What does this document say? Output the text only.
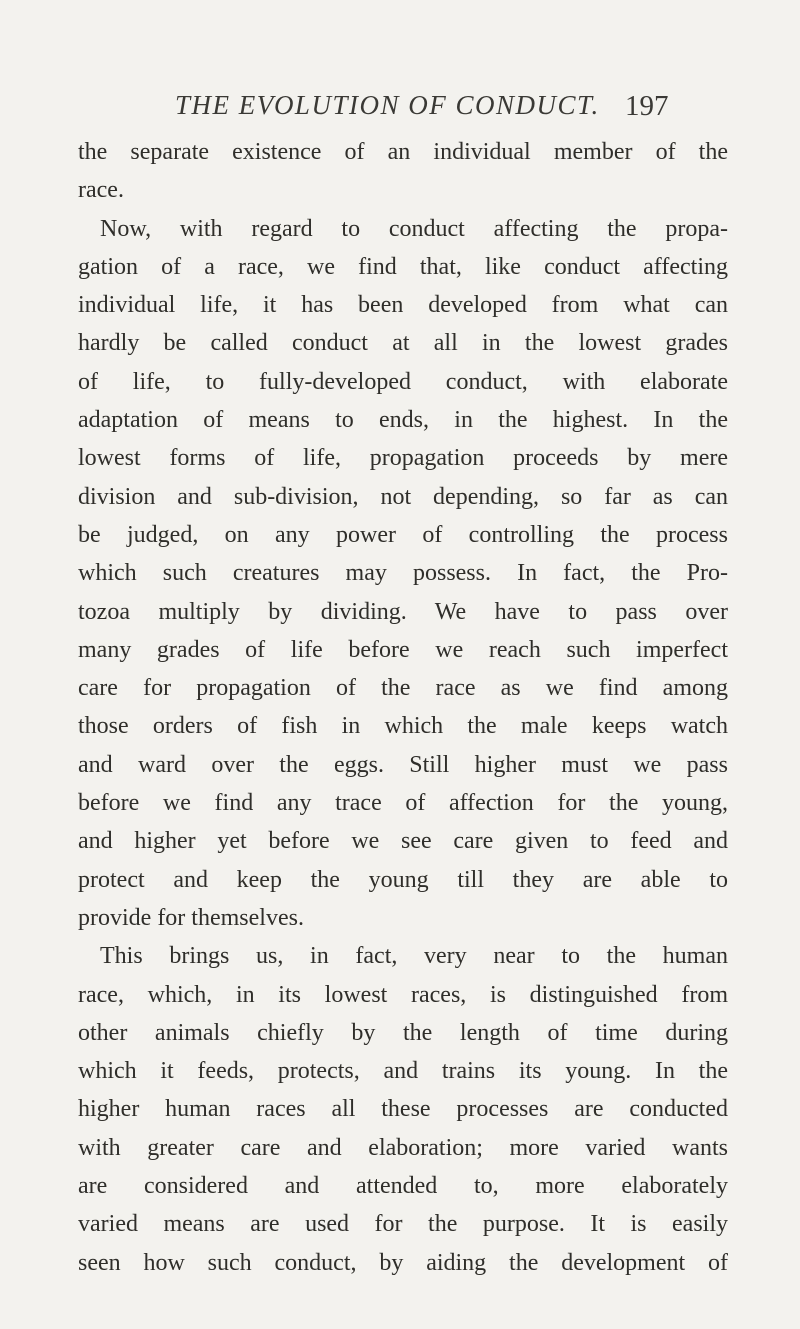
THE EVOLUTION OF CONDUCT. 197
the separate existence of an individual member of the
race.
Now, with regard to conduct affecting the propa-
gation of a race, we find that, like conduct affecting
individual life, it has been developed from what can
hardly be called conduct at all in the lowest grades
of life, to fully-developed conduct, with elaborate
adaptation of means to ends, in the highest. In the
lowest forms of life, propagation proceeds by mere
division and sub-division, not depending, so far as can
be judged, on any power of controlling the process
which such creatures may possess. In fact, the Pro-
tozoa multiply by dividing. We have to pass over
many grades of life before we reach such imperfect
care for propagation of the race as we find among
those orders of fish in which the male keeps watch
and ward over the eggs. Still higher must we pass
before we find any trace of affection for the young,
and higher yet before we see care given to feed and
protect and keep the young till they are able to
provide for themselves.
This brings us, in fact, very near to the human
race, which, in its lowest races, is distinguished from
other animals chiefly by the length of time during
which it feeds, protects, and trains its young. In the
higher human races all these processes are conducted
with greater care and elaboration; more varied wants
are considered and attended to, more elaborately
varied means are used for the purpose. It is easily
seen how such conduct, by aiding the development of
